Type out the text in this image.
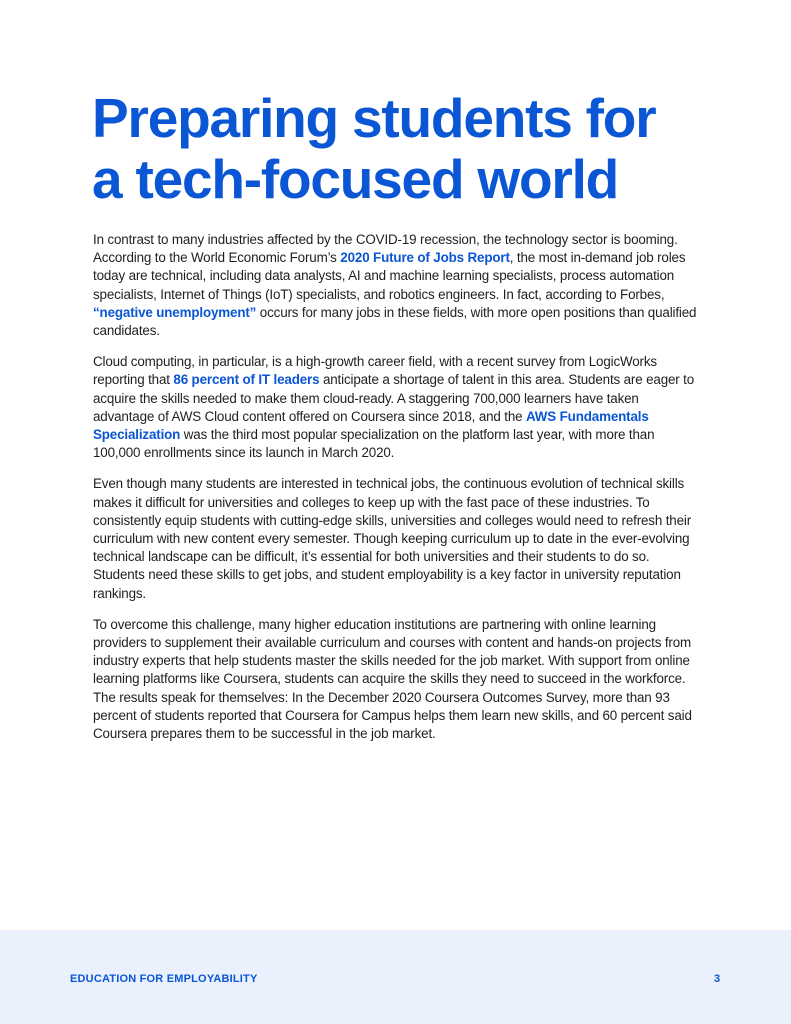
Preparing students for
a tech-focused world

In contrast to many industries affected by the COVID-19 recession, the technology sector is booming. According to the World Economic Forum’s 2020 Future of Jobs Report, the most in-demand job roles today are technical, including data analysts, AI and machine learning specialists, process automation specialists, Internet of Things (IoT) specialists, and robotics engineers. In fact, according to Forbes, “negative unemployment” occurs for many jobs in these fields, with more open positions than qualified candidates.

Cloud computing, in particular, is a high-growth career field, with a recent survey from LogicWorks reporting that 86 percent of IT leaders anticipate a shortage of talent in this area. Students are eager to acquire the skills needed to make them cloud-ready. A staggering 700,000 learners have taken advantage of AWS Cloud content offered on Coursera since 2018, and the AWS Fundamentals Specialization was the third most popular specialization on the platform last year, with more than 100,000 enrollments since its launch in March 2020.

Even though many students are interested in technical jobs, the continuous evolution of technical skills makes it difficult for universities and colleges to keep up with the fast pace of these industries. To consistently equip students with cutting-edge skills, universities and colleges would need to refresh their curriculum with new content every semester. Though keeping curriculum up to date in the ever-evolving technical landscape can be difficult, it’s essential for both universities and their students to do so. Students need these skills to get jobs, and student employability is a key factor in university reputation rankings.

To overcome this challenge, many higher education institutions are partnering with online learning providers to supplement their available curriculum and courses with content and hands-on projects from industry experts that help students master the skills needed for the job market. With support from online learning platforms like Coursera, students can acquire the skills they need to succeed in the workforce. The results speak for themselves: In the December 2020 Coursera Outcomes Survey, more than 93 percent of students reported that Coursera for Campus helps them learn new skills, and 60 percent said Coursera prepares them to be successful in the job market.

EDUCATION FOR EMPLOYABILITY	3
